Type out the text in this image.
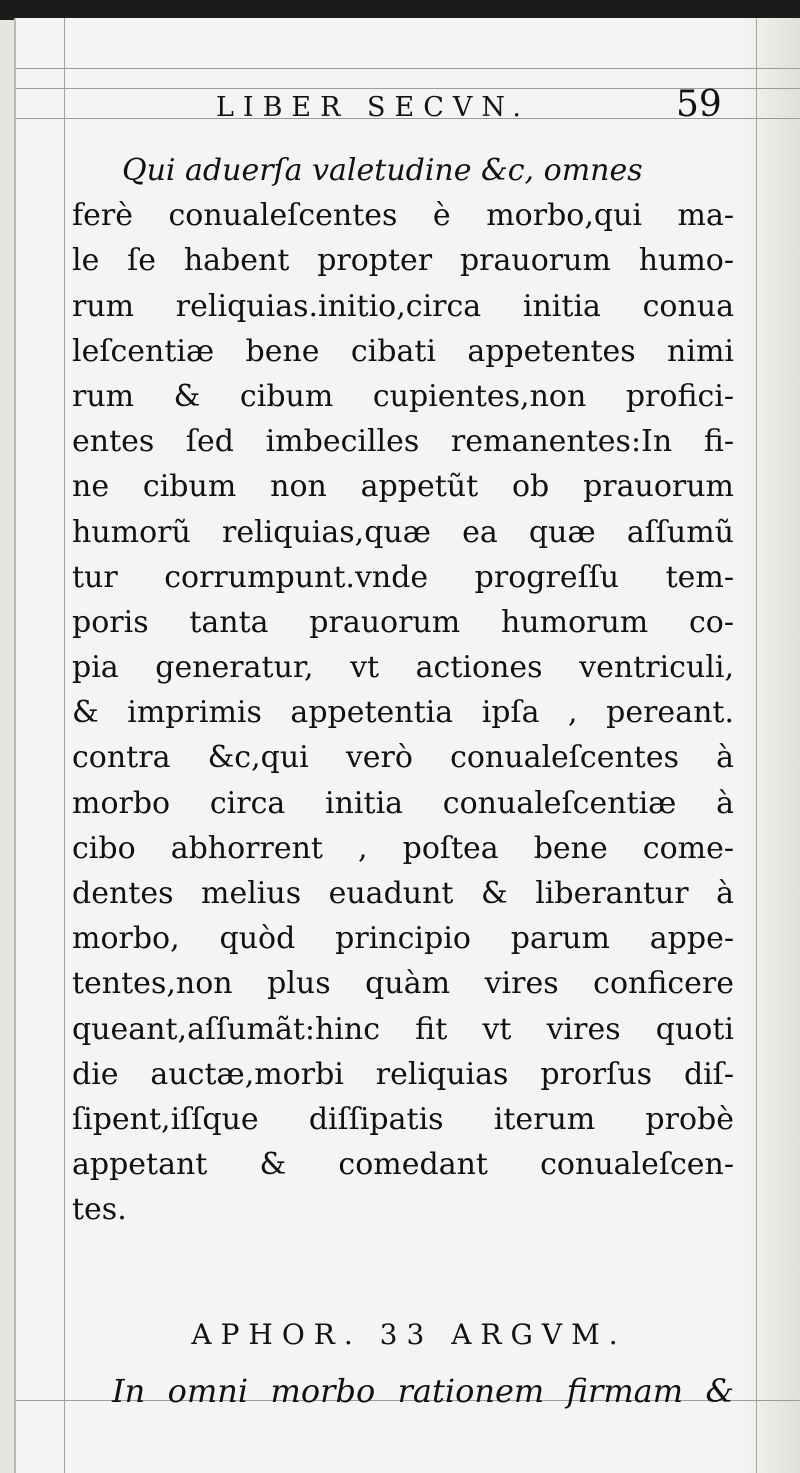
LIBER SECVN.	59
Qui aduerſa valetudine &c, omnes
ferè conualeſcentes è morbo,qui ma-
le ſe habent propter prauorum humo-
rum reliquias.initio,circa initia conua
leſcentiæ bene cibati appetentes nimi
rum & cibum cupientes,non profici-
entes ſed imbecilles remanentes:In fi-
ne cibum non appetũt ob prauorum
humorũ reliquias,quæ ea quæ aſſumũ
tur corrumpunt.vnde progreſſu tem-
poris tanta prauorum humorum co-
pia generatur, vt actiones ventriculi,
& imprimis appetentia ipſa , pereant.
contra &c,qui verò conualeſcentes à
morbo circa initia conualeſcentiæ à
cibo abhorrent , poſtea bene come-
dentes melius euadunt & liberantur à
morbo, quòd principio parum appe-
tentes,non plus quàm vires conficere
queant,aſſumãt:hinc fit vt vires quoti
die auctæ,morbi reliquias prorſus diſ-
ſipent,iſſque diſſipatis iterum probè
appetant & comedant conualeſcen-
tes.
APHOR. 33 ARGVM.
In omni morbo rationem firmam &
